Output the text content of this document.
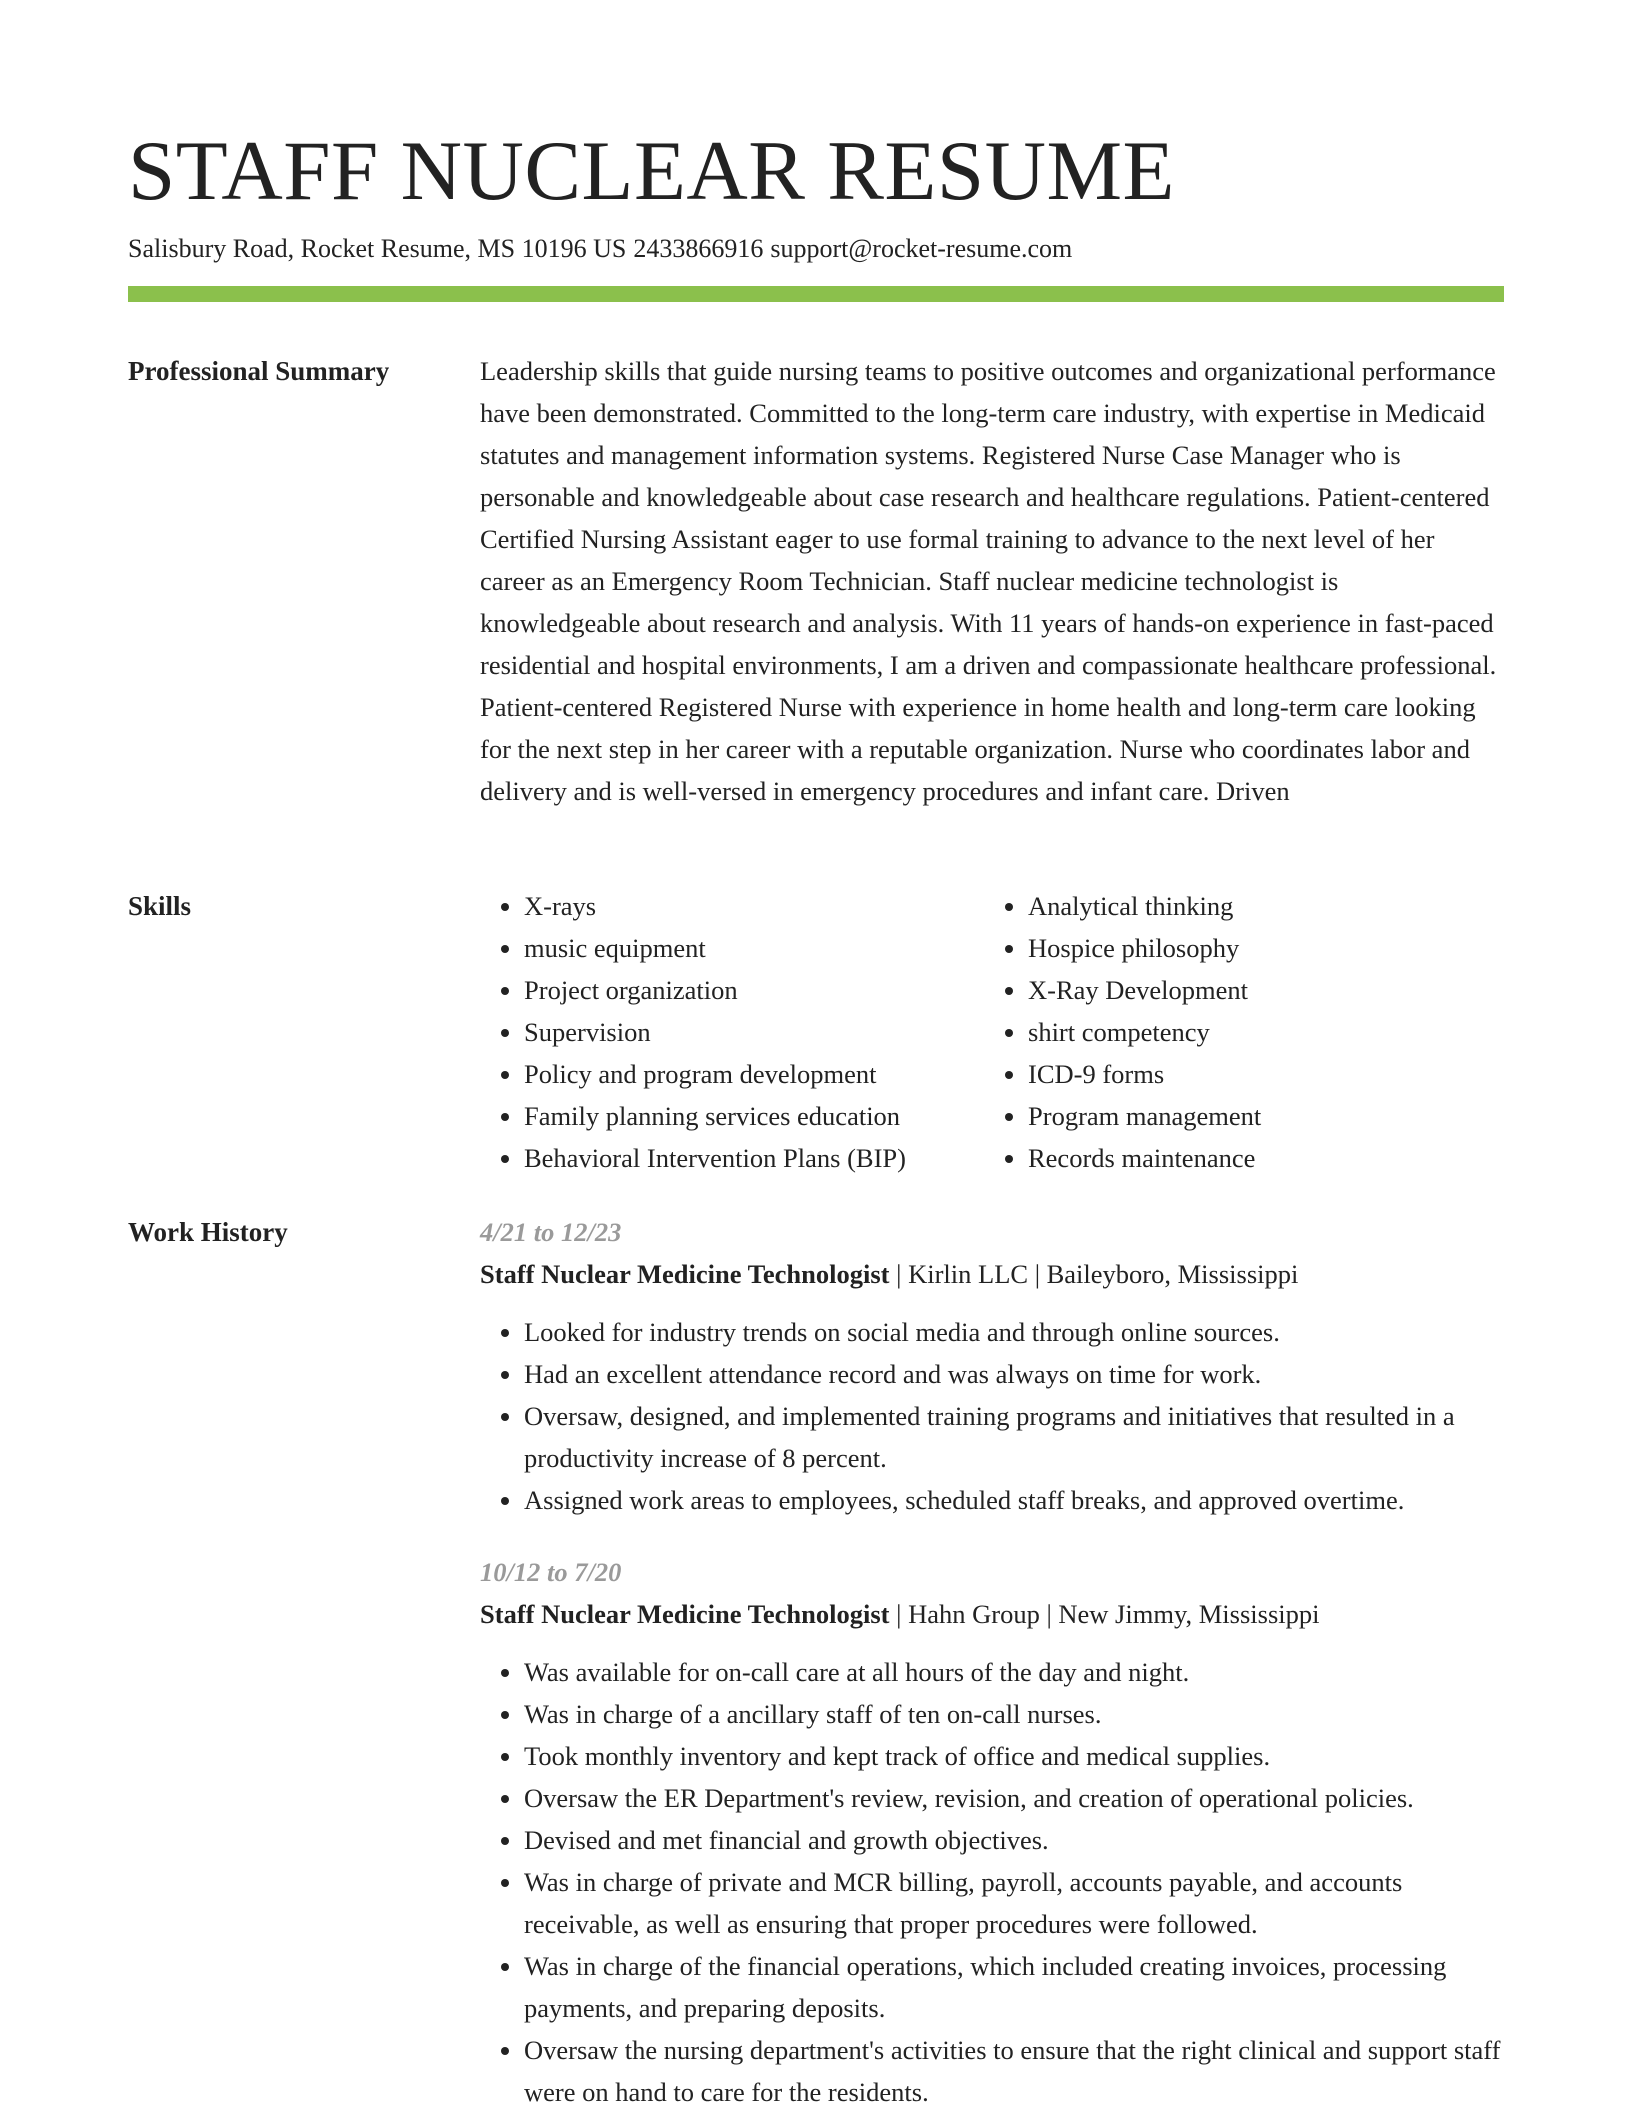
STAFF NUCLEAR RESUME
Salisbury Road, Rocket Resume, MS 10196 US 2433866916 support@rocket-resume.com
Professional Summary	Leadership skills that guide nursing teams to positive outcomes and organizational performance have been demonstrated. Committed to the long-term care industry, with expertise in Medicaid statutes and management information systems. Registered Nurse Case Manager who is personable and knowledgeable about case research and healthcare regulations. Patient-centered Certified Nursing Assistant eager to use formal training to advance to the next level of her career as an Emergency Room Technician. Staff nuclear medicine technologist is knowledgeable about research and analysis. With 11 years of hands-on experience in fast-paced residential and hospital environments, I am a driven and compassionate healthcare professional. Patient-centered Registered Nurse with experience in home health and long-term care looking for the next step in her career with a reputable organization. Nurse who coordinates labor and delivery and is well-versed in emergency procedures and infant care. Driven

Skills
•	X-rays
• music equipment
• Project organization
• Supervision
• Policy and program development
• Family planning services education
• Behavioral Intervention Plans (BIP)
• Analytical thinking
• Hospice philosophy
• X-Ray Development
• shirt competency
• ICD-9 forms
• Program management
• Records maintenance
Work History	4/21 to 12/23
Staff Nuclear Medicine Technologist | Kirlin LLC | Baileyboro, Mississippi
• Looked for industry trends on social media and through online sources.
• Had an excellent attendance record and was always on time for work.
• Oversaw, designed, and implemented training programs and initiatives that resulted in a productivity increase of 8 percent.
• Assigned work areas to employees, scheduled staff breaks, and approved overtime.
10/12 to 7/20
Staff Nuclear Medicine Technologist | Hahn Group | New Jimmy, Mississippi
• Was available for on-call care at all hours of the day and night.
• Was in charge of a ancillary staff of ten on-call nurses.
• Took monthly inventory and kept track of office and medical supplies.
• Oversaw the ER Department's review, revision, and creation of operational policies.
• Devised and met financial and growth objectives.
• Was in charge of private and MCR billing, payroll, accounts payable, and accounts receivable, as well as ensuring that proper procedures were followed.
• Was in charge of the financial operations, which included creating invoices, processing payments, and preparing deposits.
• Oversaw the nursing department's activities to ensure that the right clinical and support staff were on hand to care for the residents.
